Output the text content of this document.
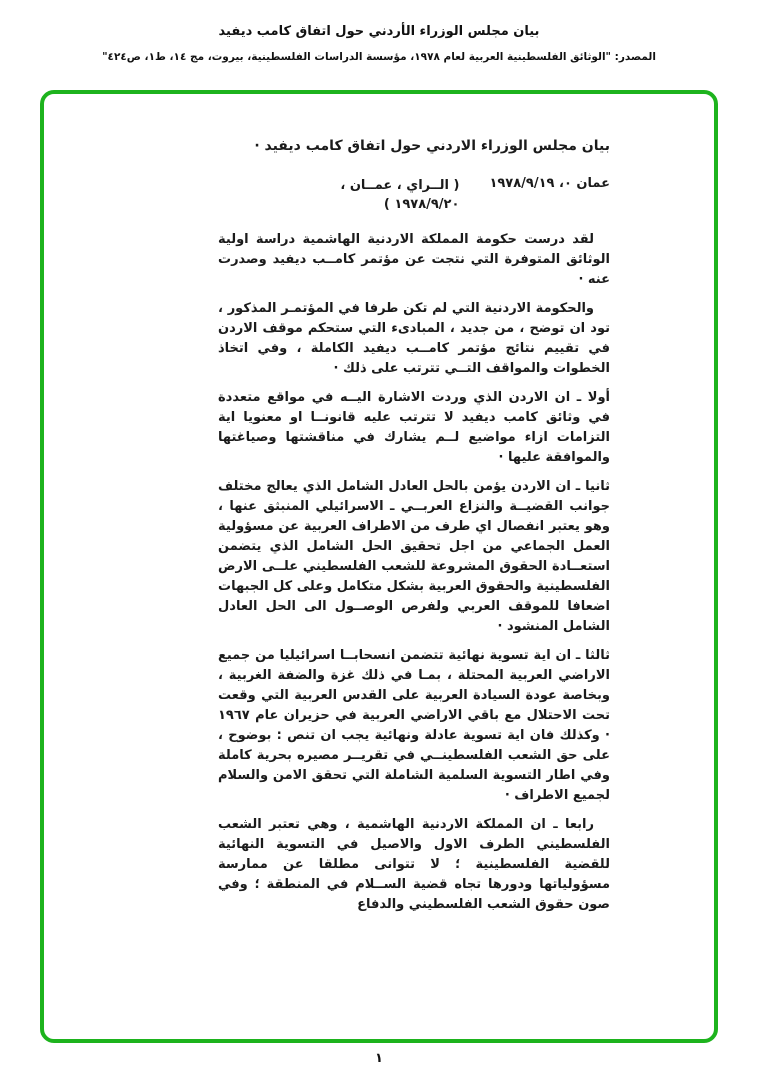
بيان مجلس الوزراء الأردني حول اتفاق كامب ديفيد
المصدر: "الوثائق الفلسطينية العربية لعام ١٩٧٨، مؤسسة الدراسات الفلسطينية، بيروت، مج ١٤، ط١، ص٤٢٤"
بيان مجلس الوزراء الاردني حول اتفاق كامب ديفيد ·
عمان ٠، ١٩٧٨/٩/١٩
( الــراي ، عمــان ، ١٩٧٨/٩/٢٠ )

لقد درست حكومة المملكة الاردنية الهاشمية دراسة اولية الوثائق المتوفرة التي نتجت عن مؤتمر كامــب ديفيد وصدرت عنه ·

والحكومة الاردنية التي لم تكن طرفا في المؤتمـر المذكور ، تود ان توضح ، من جديد ، المبادىء التي ستحكم موقف الاردن في تقييم نتائج مؤتمر كامــب ديفيد الكاملة ، وفي اتخاذ الخطوات والمواقف التــي تترتب على ذلك ·

أولا ـ ان الاردن الذي وردت الاشارة اليــه في مواقع متعددة في وثائق كامب ديفيد لا تترتب عليه قانونــا او معنويا اية التزامات ازاء مواضيع لــم يشارك في مناقشتها وصياغتها والموافقة عليها ·

ثانيا ـ ان الاردن يؤمن بالحل العادل الشامل الذي يعالج مختلف جوانب القضيــة والنزاع العربــي ـ الاسرائيلي المنبثق عنها ، وهو يعتبر انفصال اي طرف من الاطراف العربية عن مسؤولية العمل الجماعي من اجل تحقيق الحل الشامل الذي يتضمن استعــادة الحقوق المشروعة للشعب الفلسطيني علــى الارض الفلسطينية والحقوق العربية بشكل متكامل وعلى كل الجبهات اضعافا للموقف العربي ولفرص الوصــول الى الحل العادل الشامل المنشود ·

ثالثا ـ ان اية تسوية نهائية تتضمن انسحابــا اسرائيليا من جميع الاراضي العربية المحتلة ، بمـا في ذلك غزة والضفة الغربية ، وبخاصة عودة السيادة العربية على القدس العربية التي وقعت تحت الاحتلال مع باقي الاراضي العربية في حزيران عام ١٩٦٧ · وكذلك فان اية تسوية عادلة ونهائية يجب ان تنص : بوضوح ، على حق الشعب الفلسطينــي في تقريــر مصيره بحرية كاملة وفي اطار التسوية السلمية الشاملة التي تحقق الامن والسلام لجميع الاطراف ·

رابعا ـ ان المملكة الاردنية الهاشمية ، وهي تعتبر الشعب الفلسطيني الطرف الاول والاصيل في التسوية النهائية للقضية الفلسطينية ؛ لا تتوانى مطلقا عن ممارسة مسؤولياتها ودورها تجاه قضية الســلام في المنطقة ؛ وفي صون حقوق الشعب الفلسطيني والدفاع

١
